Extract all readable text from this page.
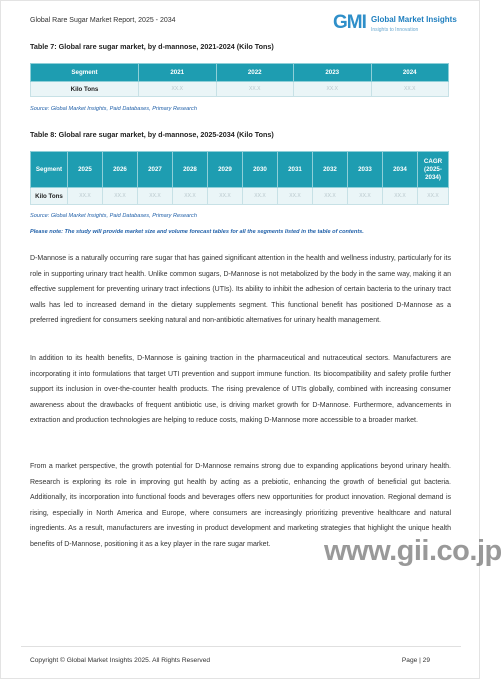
Global Rare Sugar Market Report, 2025 - 2034	GMI Global Market Insights
Insights to Innovation
Table 7: Global rare sugar market, by d-mannose, 2021-2024 (Kilo Tons)
Segment	2021	2022	2023	2024
Kilo Tons	XX.X	XX.X	XX.X	XX.X
Source: Global Market Insights, Paid Databases, Primary Research
Table 8: Global rare sugar market, by d-mannose, 2025-2034 (Kilo Tons)
Segment	2025	2026	2027	2028	2029	2030	2031	2032	2033	2034	CAGR
(2025-
2034)

Kilo Tons	XX.X	XX.X	XX.X	XX.X	XX.X	XX.X	XX.X	XX.X	XX.X	XX.X	XX.X
Source: Global Market Insights, Paid Databases, Primary Research
Please note: The study will provide market size and volume forecast tables for all the segments listed in the table of contents.

D-Mannose is a naturally occurring rare sugar that has gained significant attention in the health and wellness industry, particularly for its role in supporting urinary tract health. Unlike common sugars, D-Mannose is not metabolized by the body in the same way, making it an effective supplement for preventing urinary tract infections (UTIs). Its ability to inhibit the adhesion of certain bacteria to the urinary tract walls has led to increased demand in the dietary supplements segment. This functional benefit has positioned D-Mannose as a preferred ingredient for consumers seeking natural and non-antibiotic alternatives for urinary health management.

In addition to its health benefits, D-Mannose is gaining traction in the pharmaceutical and nutraceutical sectors. Manufacturers are incorporating it into formulations that target UTI prevention and support immune function. Its biocompatibility and safety profile further support its inclusion in over-the-counter health products. The rising prevalence of UTIs globally, combined with increasing consumer awareness about the drawbacks of frequent antibiotic use, is driving market growth for D-Mannose. Furthermore, advancements in extraction and production technologies are helping to reduce costs, making D-Mannose more accessible to a broader market.

From a market perspective, the growth potential for D-Mannose remains strong due to expanding applications beyond urinary health. Research is exploring its role in improving gut health by acting as a prebiotic, enhancing the growth of beneficial gut bacteria. Additionally, its incorporation into functional foods and beverages offers new opportunities for product innovation. Regional demand is rising, especially in North America and Europe, where consumers are increasingly prioritizing preventive healthcare and natural ingredients. As a result, manufacturers are investing in product development and marketing strategies that highlight the unique health benefits of D-Mannose, positioning it as a key player in the rare sugar market.	www.gii.co.jp
Copyright © Global Market Insights 2025. All Rights Reserved	Page | 29
